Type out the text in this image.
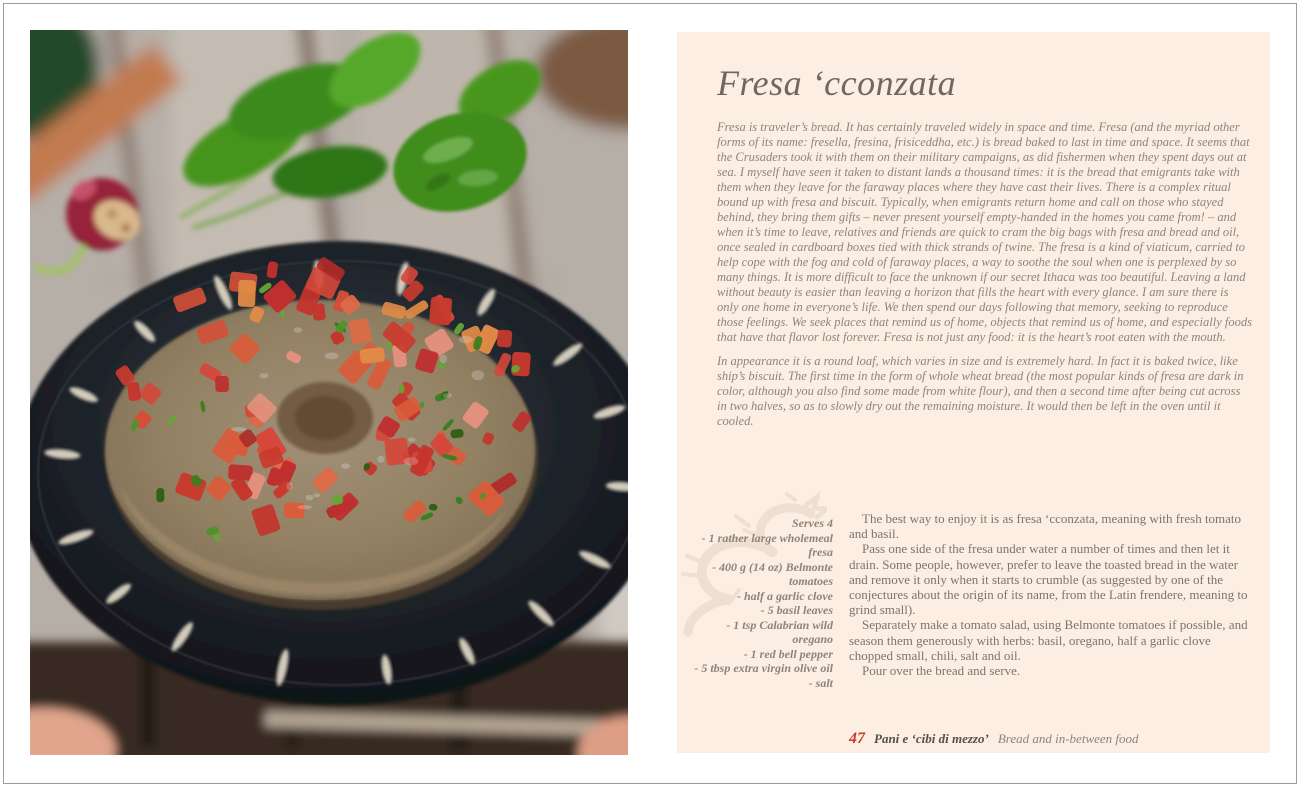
Fresa ‘cconzata

Fresa is traveler’s bread. It has certainly traveled widely in space and time. Fresa (and the myriad other forms of its name: fresella, fresina, frisiceddha, etc.) is bread baked to last in time and space. It seems that the Crusaders took it with them on their military campaigns, as did fishermen when they spent days out at sea. I myself have seen it taken to distant lands a thousand times: it is the bread that emigrants take with them when they leave for the faraway places where they have cast their lives. There is a complex ritual bound up with fresa and biscuit. Typically, when emigrants return home and call on those who stayed behind, they bring them gifts – never present yourself empty-handed in the homes you came from! – and when it’s time to leave, relatives and friends are quick to cram the big bags with fresa and bread and oil, once sealed in cardboard boxes tied with thick strands of twine. The fresa is a kind of viaticum, carried to help cope with the fog and cold of faraway places, a way to soothe the soul when one is perplexed by so many things. It is more difficult to face the unknown if our secret Ithaca was too beautiful. Leaving a land without beauty is easier than leaving a horizon that fills the heart with every glance. I am sure there is only one home in everyone’s life. We then spend our days following that memory, seeking to reproduce those feelings. We seek places that remind us of home, objects that remind us of home, and especially foods that have that flavor lost forever. Fresa is not just any food: it is the heart’s root eaten with the mouth.

In appearance it is a round loaf, which varies in size and is extremely hard. In fact it is baked twice, like ship’s biscuit. The first time in the form of whole wheat bread (the most popular kinds of fresa are dark in color, although you also find some made from white flour), and then a second time after being cut across in two halves, so as to slowly dry out the remaining moisture. It would then be left in the oven until it cooled.

Serves 4
- 1 rather large wholemeal fresa
- 400 g (14 oz) Belmonte tomatoes
- half a garlic clove
- 5 basil leaves
- 1 tsp Calabrian wild oregano
- 1 red bell pepper
- 5 tbsp extra virgin olive oil
- salt

The best way to enjoy it is as fresa ‘cconzata, meaning with fresh tomato and basil.

Pass one side of the fresa under water a number of times and then let it drain. Some people, however, prefer to leave the toasted bread in the water and remove it only when it starts to crumble (as suggested by one of the conjectures about the origin of its name, from the Latin frendere, meaning to grind small).

Separately make a tomato salad, using Belmonte tomatoes if possible, and season them generously with herbs: basil, oregano, half a garlic clove chopped small, chili, salt and oil.

Pour over the bread and serve.

47 Pani e ‘cibi di mezzo’ Bread and in-between food
